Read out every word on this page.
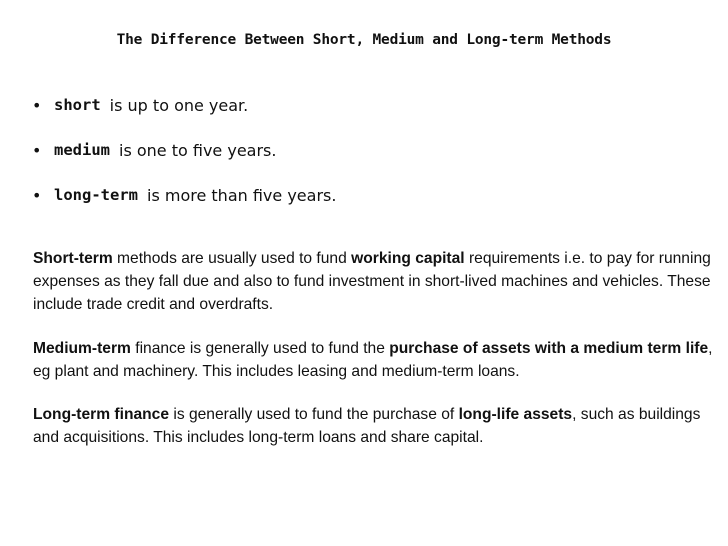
The Difference Between Short, Medium and Long-term Methods
• short is up to one year.
• medium is one to five years.
• long-term is more than five years.

Short-term methods are usually used to fund working capital requirements i.e. to pay for running expenses as they fall due and also to fund investment in short-lived machines and vehicles. These include trade credit and overdrafts.

Medium-term finance is generally used to fund the purchase of assets with a medium term life, eg plant and machinery. This includes leasing and medium-term loans.

Long-term finance is generally used to fund the purchase of long-life assets, such as buildings and acquisitions. This includes long-term loans and share capital.
